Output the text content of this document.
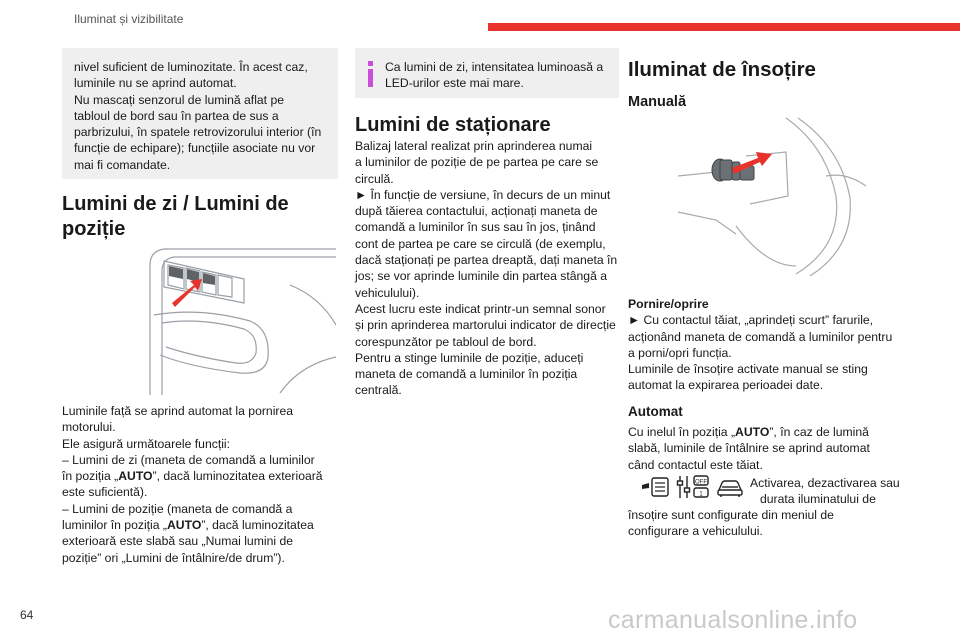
Iluminat și vizibilitate
nivel suficient de luminozitate. În acest caz,
luminile nu se aprind automat.
Nu mascați senzorul de lumină aflat pe
tabloul de bord sau în partea de sus a
parbrizului, în spatele retrovizorului interior (în
funcție de echipare); funcțiile asociate nu vor
mai fi comandate.
Lumini de zi / Lumini de
poziție
Luminile față se aprind automat la pornirea
motorului.
Ele asigură următoarele funcții:
– Lumini de zi (maneta de comandă a luminilor
în poziția „AUTO”, dacă luminozitatea exterioară
este suficientă).
– Lumini de poziție (maneta de comandă a
luminilor în poziția „AUTO”, dacă luminozitatea
exterioară este slabă sau „Numai lumini de
poziție” ori „Lumini de întâlnire/de drum”).
Ca lumini de zi, intensitatea luminoasă a
LED-urilor este mai mare.
Lumini de staționare
Balizaj lateral realizat prin aprinderea numai
a luminilor de poziție de pe partea pe care se
circulă.
► În funcție de versiune, în decurs de un minut
după tăierea contactului, acționați maneta de
comandă a luminilor în sus sau în jos, ținând
cont de partea pe care se circulă (de exemplu,
dacă staționați pe partea dreaptă, dați maneta în
jos; se vor aprinde luminile din partea stângă a
vehiculului).
Acest lucru este indicat printr-un semnal sonor
și prin aprinderea martorului indicator de direcție
corespunzător pe tabloul de bord.
Pentru a stinge luminile de poziție, aduceți
maneta de comandă a luminilor în poziția
centrală.
Iluminat de însoțire
Manuală
Pornire/oprire
► Cu contactul tăiat, „aprindeți scurt” farurile,
acționând maneta de comandă a luminilor pentru
a porni/opri funcția.
Luminile de însoțire activate manual se sting
automat la expirarea perioadei date.
Automat
Cu inelul în poziția „AUTO”, în caz de lumină
slabă, luminile de întâlnire se aprind automat
când contactul este tăiat.
OFF
1
Activarea, dezactivarea sau
durata iluminatului de
însoțire sunt configurate din meniul de
configurare a vehiculului.
64	carmanualsonline.info
